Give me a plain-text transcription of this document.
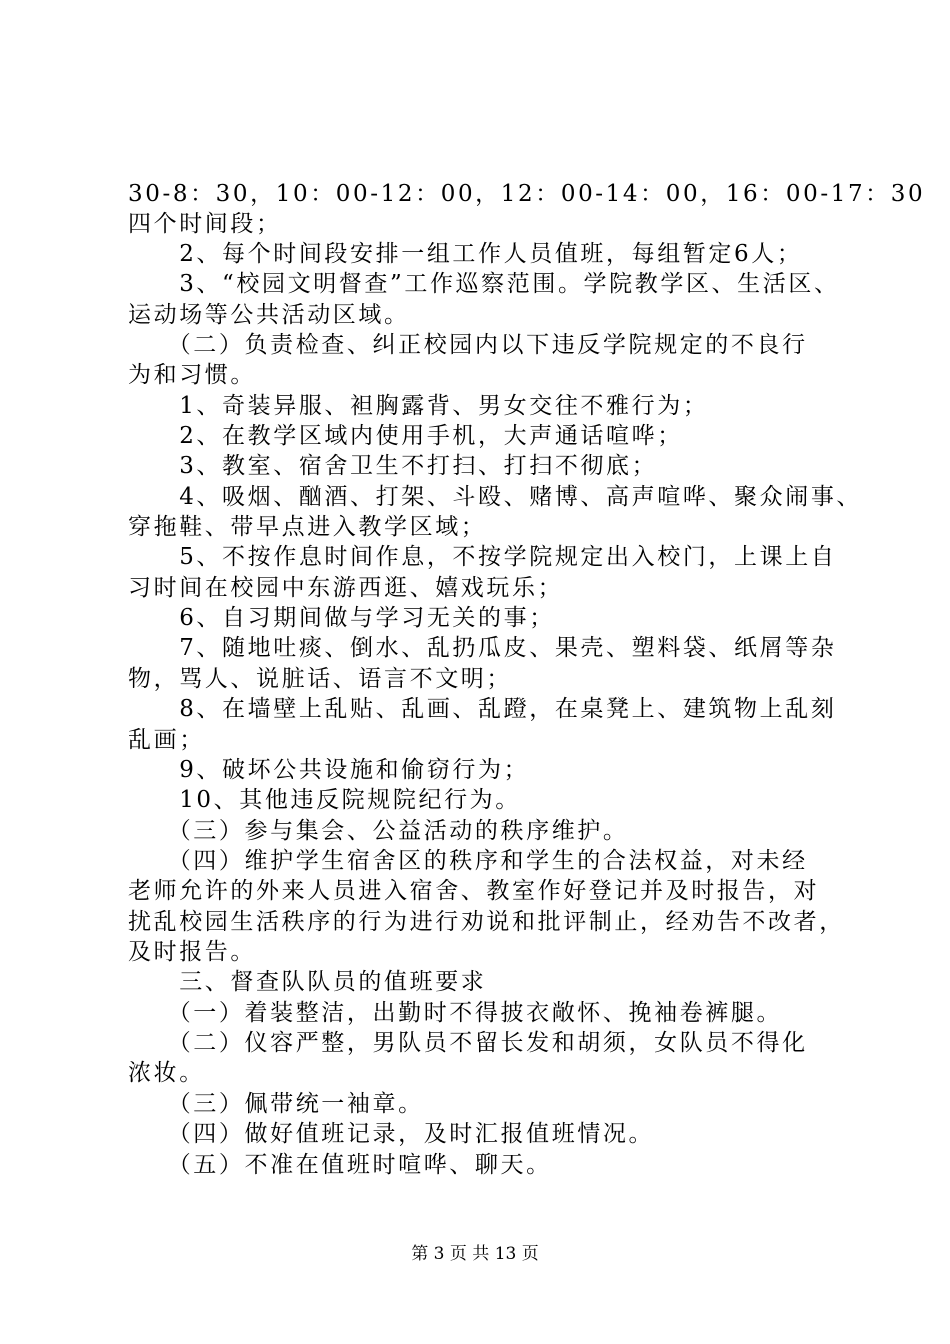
30-8：30，10：00-12：00，12：00-14：00，16：00-17：30
四个时间段；
　　2、每个时间段安排一组工作人员值班，每组暂定6人；
　　3、“校园文明督查”工作巡察范围。学院教学区、生活区、
运动场等公共活动区域。
　　（二）负责检查、纠正校园内以下违反学院规定的不良行
为和习惯。
　　1、奇装异服、袒胸露背、男女交往不雅行为；
　　2、在教学区域内使用手机，大声通话喧哗；
　　3、教室、宿舍卫生不打扫、打扫不彻底；
　　4、吸烟、酗酒、打架、斗殴、赌博、高声喧哗、聚众闹事、
穿拖鞋、带早点进入教学区域；
　　5、不按作息时间作息，不按学院规定出入校门，上课上自
习时间在校园中东游西逛、嬉戏玩乐；
　　6、自习期间做与学习无关的事；
　　7、随地吐痰、倒水、乱扔瓜皮、果壳、塑料袋、纸屑等杂
物，骂人、说脏话、语言不文明；
　　8、在墙壁上乱贴、乱画、乱蹬，在桌凳上、建筑物上乱刻
乱画；
　　9、破坏公共设施和偷窃行为；
　　10、其他违反院规院纪行为。
　　（三）参与集会、公益活动的秩序维护。
　　（四）维护学生宿舍区的秩序和学生的合法权益，对未经
老师允许的外来人员进入宿舍、教室作好登记并及时报告，对
扰乱校园生活秩序的行为进行劝说和批评制止，经劝告不改者，
及时报告。
　　三、督查队队员的值班要求
　　（一）着装整洁，出勤时不得披衣敞怀、挽袖卷裤腿。
　　（二）仪容严整，男队员不留长发和胡须，女队员不得化
浓妆。
　　（三）佩带统一袖章。
　　（四）做好值班记录，及时汇报值班情况。
　　（五）不准在值班时喧哗、聊天。
第 3 页 共 13 页
